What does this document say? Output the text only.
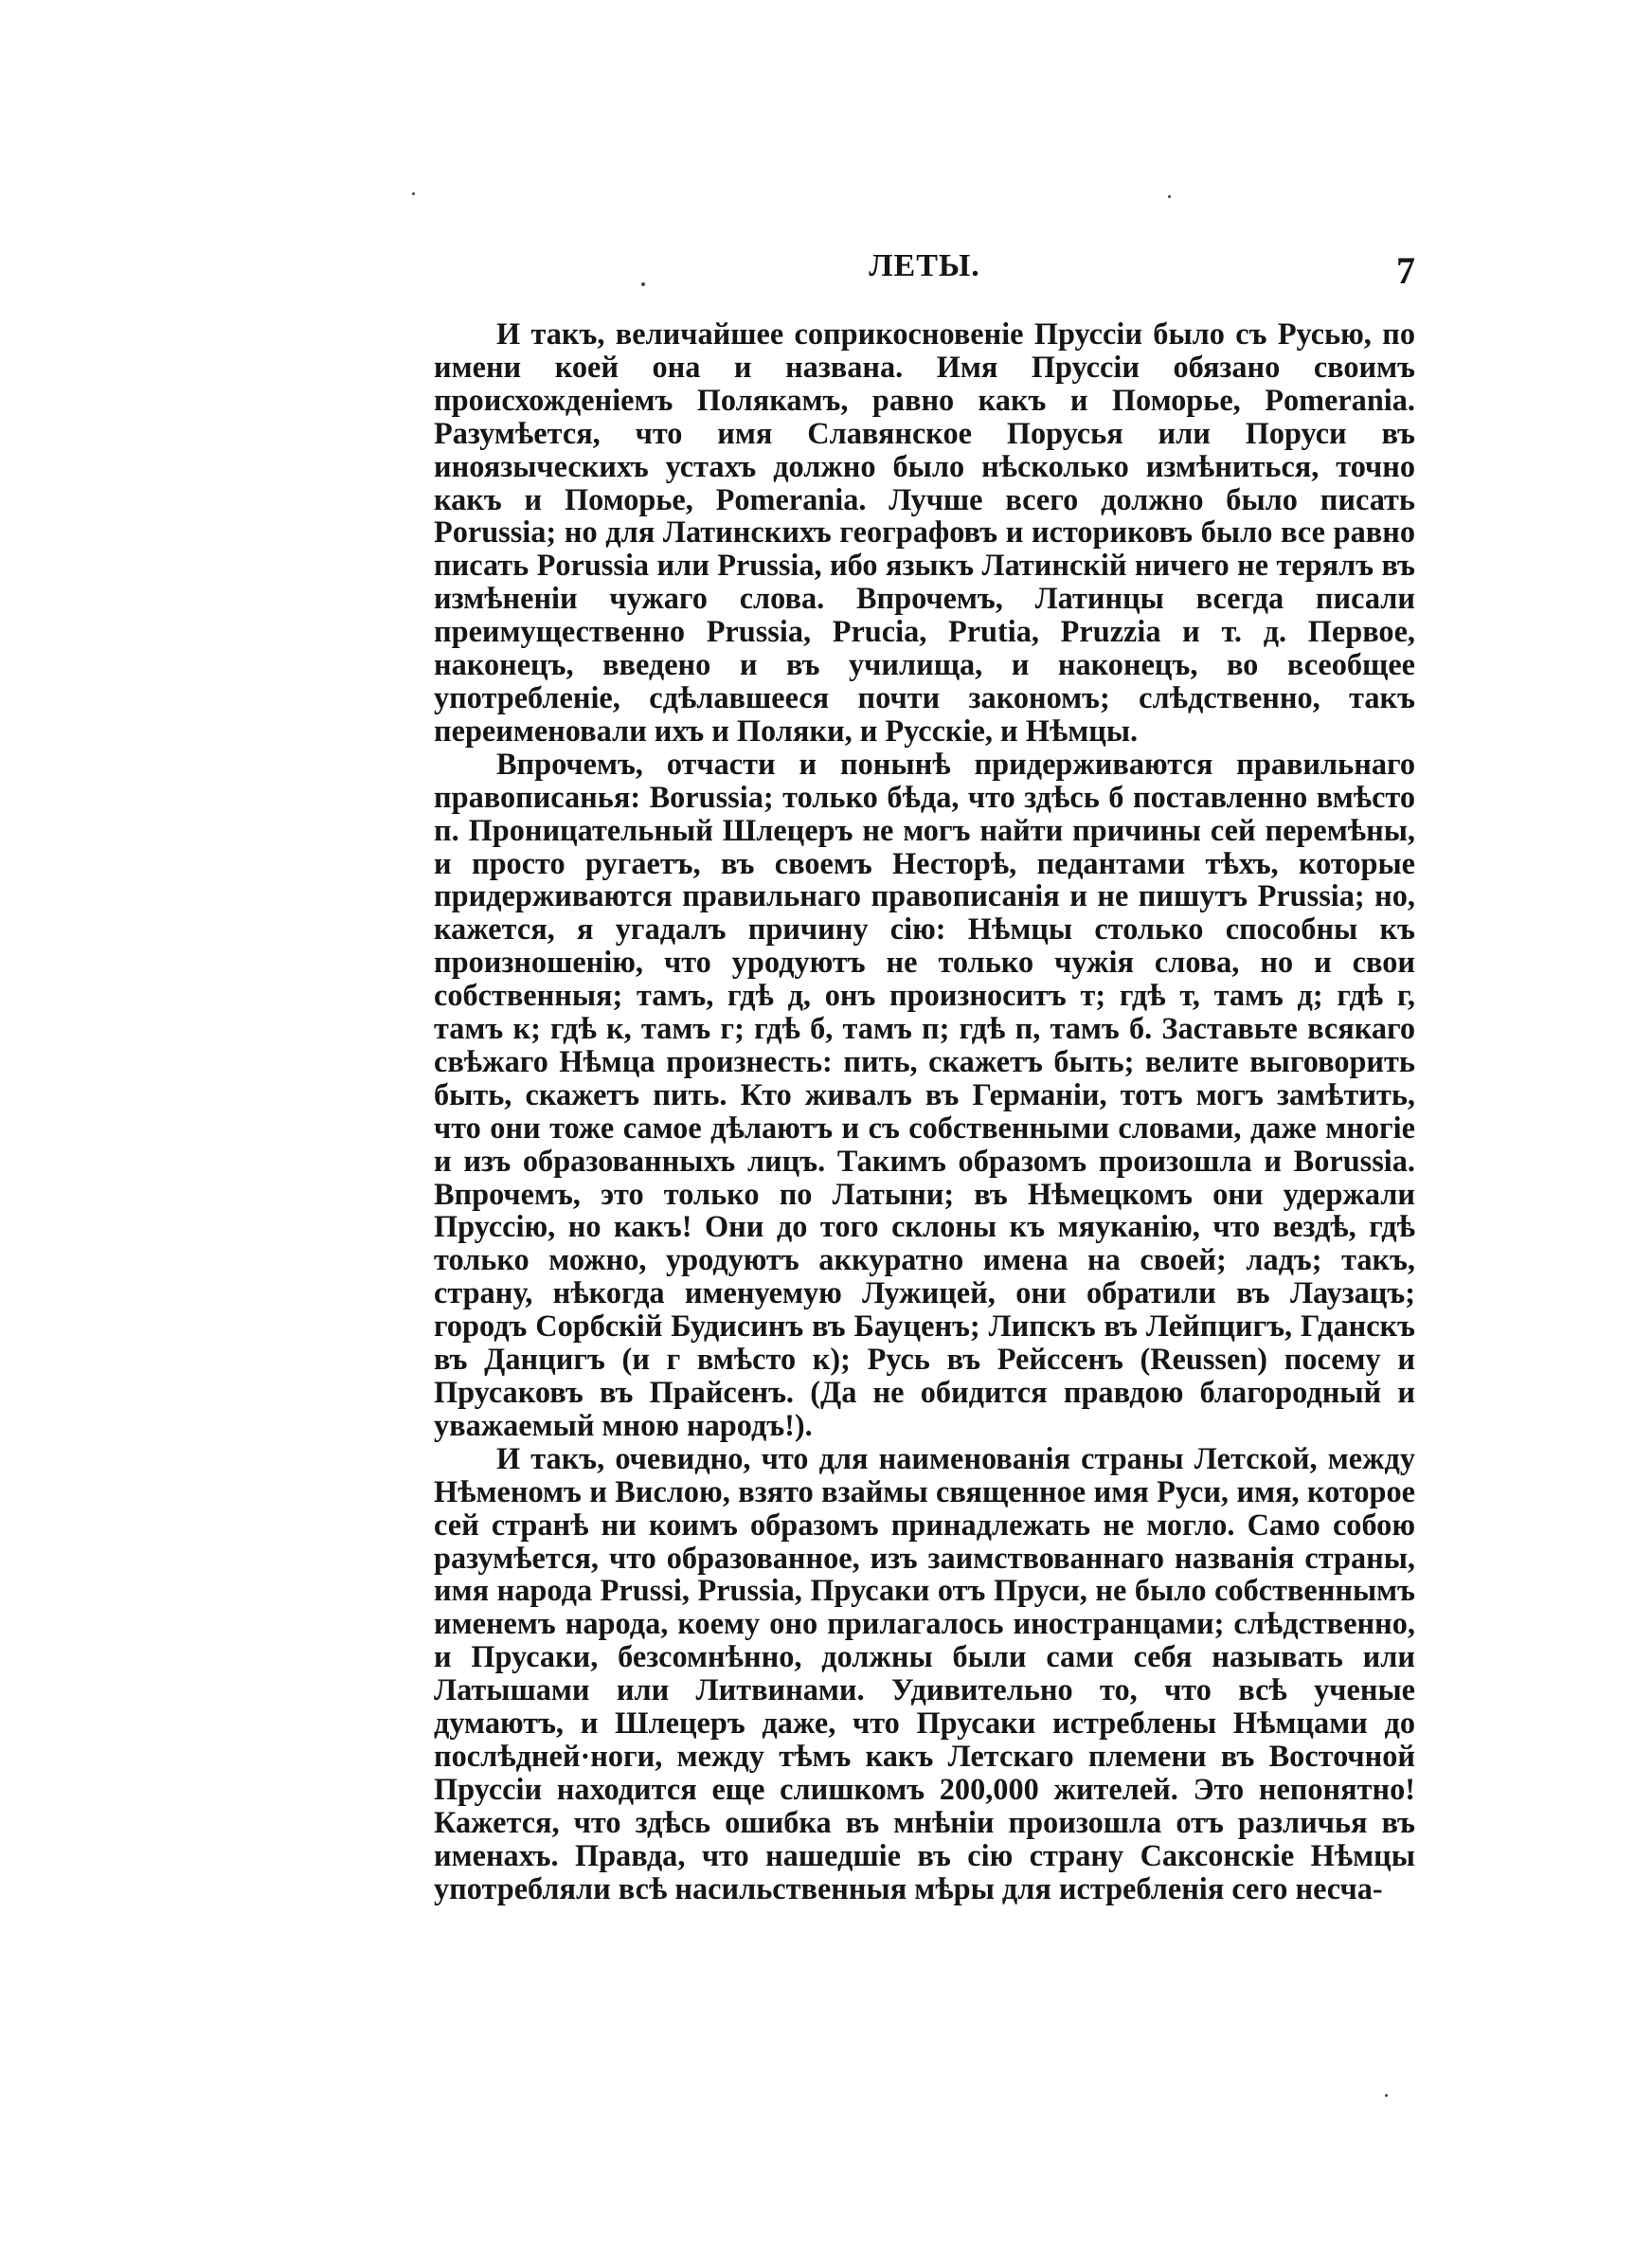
ЛЕТЫ.	7

И такъ, величайшее соприкосновенiе Пруссiи было съ Русью, по имени коей она и названа. Имя Пруссiи обязано своимъ происхожденiемъ Полякамъ, равно какъ и Поморье, Pomerania. Разумѣется, что имя Славянское Порусья или Поруси въ иноязыческихъ устахъ должно было нѣсколько измѣниться, точно какъ и Поморье, Pomerania. Лучше всего должно было писать Porussia; но для Латинскихъ географовъ и историковъ было все равно писать Porussia или Prussia, ибо языкъ Латинскiй ничего не терялъ въ измѣненiи чужаго слова. Впрочемъ, Латинцы всегда писали преимущественно Prussia, Prucia, Prutia, Pruzzia и т. д. Первое, наконецъ, введено и въ училища, и наконецъ, во всеобщее употребленiе, сдѣлавшееся почти закономъ; слѣдственно, такъ переименовали ихъ и Поляки, и Русскiе, и Нѣмцы.

Впрочемъ, отчасти и понынѣ придерживаются правильнаго правописанья: Borussia; только бѣда, что здѣсь б поставленно вмѣсто п. Проницательный Шлецеръ не могъ найти причины сей перемѣны, и просто ругаетъ, въ своемъ Несторѣ, педантами тѣхъ, которые придерживаются правильнаго правописанiя и не пишутъ Prussia; но, кажется, я угадалъ причину сiю: Нѣмцы столько способны къ произношенiю, что уродуютъ не только чужiя слова, но и свои собственныя; тамъ, гдѣ д, онъ произноситъ т; гдѣ т, тамъ д; гдѣ г, тамъ к; гдѣ к, тамъ г; гдѣ б, тамъ п; гдѣ п, тамъ б. Заставьте всякаго свѣжаго Нѣмца произнесть: пить, скажетъ быть; велите выговорить быть, скажетъ пить. Кто живалъ въ Германiи, тотъ могъ замѣтить, что они тоже самое дѣлаютъ и съ собственными словами, даже многiе и изъ образованныхъ лицъ. Такимъ образомъ произошла и Borussia. Впрочемъ, это только по Латыни; въ Нѣмецкомъ они удержали Пруссiю, но какъ! Они до того склоны къ мяуканiю, что вездѣ, гдѣ только можно, уродуютъ аккуратно имена на своей; ладъ; такъ, страну, нѣкогда именуемую Лужицей, они обратили въ Лаузацъ; городъ Сорбскiй Будисинъ въ Бауценъ; Липскъ въ Лейпцигъ, Гданскъ въ Данцигъ (и г вмѣсто к); Русь въ Рейссенъ (Reussen) посему и Прусаковъ въ Прайсенъ. (Да не обидится правдою благородный и уважаемый мною народъ!).

И такъ, очевидно, что для наименованiя страны Летской, между Нѣменомъ и Вислою, взято взаймы священное имя Руси, имя, которое сей странѣ ни коимъ образомъ принадлежать не могло. Само собою разумѣется, что образованное, изъ заимствованнаго названiя страны, имя народа Prussi, Prussia, Прусаки отъ Пруси, не было собственнымъ именемъ народа, коему оно прилагалось иностранцами; слѣдственно, и Прусаки, безсомнѣнно, должны были сами себя называть или Латышами или Литвинами. Удивительно то, что всѣ ученые думаютъ, и Шлецеръ даже, что Прусаки истреблены Нѣмцами до послѣдней·ноги, между тѣмъ какъ Летскаго племени въ Восточной Пруссiи находится еще слишкомъ 200,000 жителей. Это непонятно! Кажется, что здѣсь ошибка въ мнѣнiи произошла отъ различья въ именахъ. Правда, что нашедшiе въ сiю страну Саксонскiе Нѣмцы употребляли всѣ насильственныя мѣры для истребленiя сего несча-
